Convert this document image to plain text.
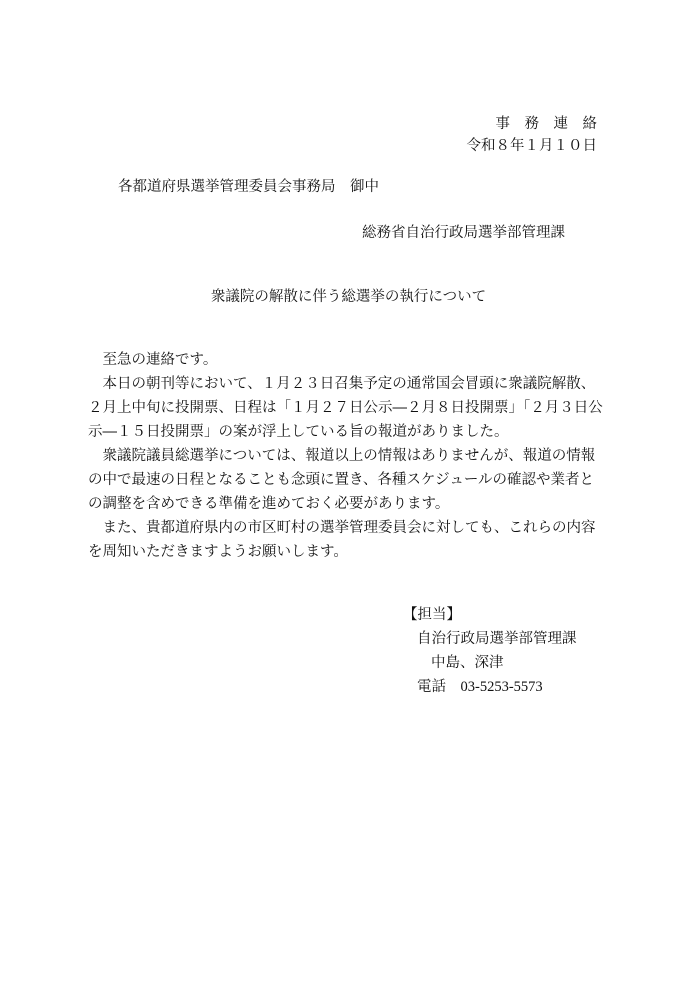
事　務　連　絡
令和８年１月１０日
各都道府県選挙管理委員会事務局　御中
総務省自治行政局選挙部管理課
衆議院の解散に伴う総選挙の執行について
至急の連絡です。
本日の朝刊等において、１月２３日召集予定の通常国会冒頭に衆議院解散、２月上中旬に投開票、日程は「１月２７日公示―２月８日投開票」「２月３日公示―１５日投開票」の案が浮上している旨の報道がありました。
衆議院議員総選挙については、報道以上の情報はありませんが、報道の情報の中で最速の日程となることも念頭に置き、各種スケジュールの確認や業者との調整を含めできる準備を進めておく必要があります。
また、貴都道府県内の市区町村の選挙管理委員会に対しても、これらの内容を周知いただきますようお願いします。
【担当】
自治行政局選挙部管理課
中島、深津
電話　 03-5253-5573
